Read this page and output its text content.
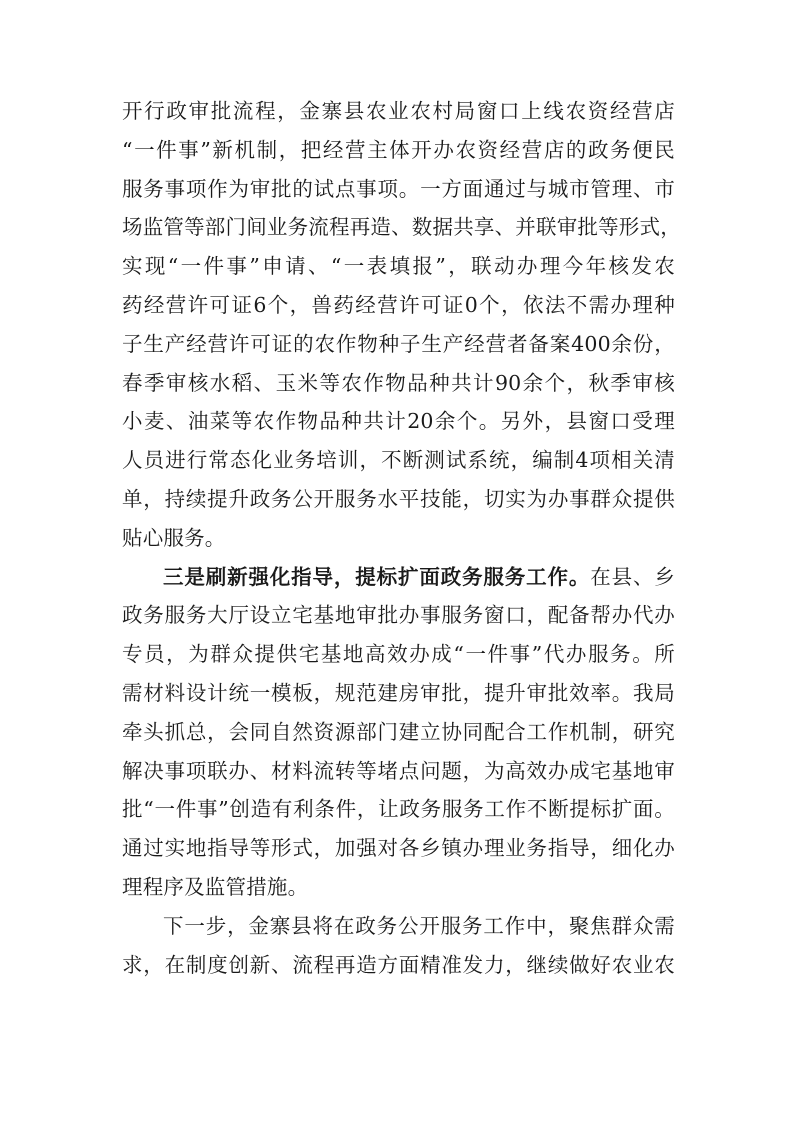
开行政审批流程，金寨县农业农村局窗口上线农资经营店
“一件事”新机制，把经营主体开办农资经营店的政务便民
服务事项作为审批的试点事项。一方面通过与城市管理、市
场监管等部门间业务流程再造、数据共享、并联审批等形式，
实现“一件事”申请、“一表填报”，联动办理今年核发农
药经营许可证6个，兽药经营许可证0个，依法不需办理种
子生产经营许可证的农作物种子生产经营者备案400余份，
春季审核水稻、玉米等农作物品种共计90余个，秋季审核
小麦、油菜等农作物品种共计20余个。另外，县窗口受理
人员进行常态化业务培训，不断测试系统，编制4项相关清
单，持续提升政务公开服务水平技能，切实为办事群众提供
贴心服务。
三是刷新强化指导，提标扩面政务服务工作。在县、乡
政务服务大厅设立宅基地审批办事服务窗口，配备帮办代办
专员，为群众提供宅基地高效办成“一件事”代办服务。所
需材料设计统一模板，规范建房审批，提升审批效率。我局
牵头抓总，会同自然资源部门建立协同配合工作机制，研究
解决事项联办、材料流转等堵点问题，为高效办成宅基地审
批“一件事”创造有利条件，让政务服务工作不断提标扩面。
通过实地指导等形式，加强对各乡镇办理业务指导，细化办
理程序及监管措施。
下一步，金寨县将在政务公开服务工作中，聚焦群众需
求，在制度创新、流程再造方面精准发力，继续做好农业农
